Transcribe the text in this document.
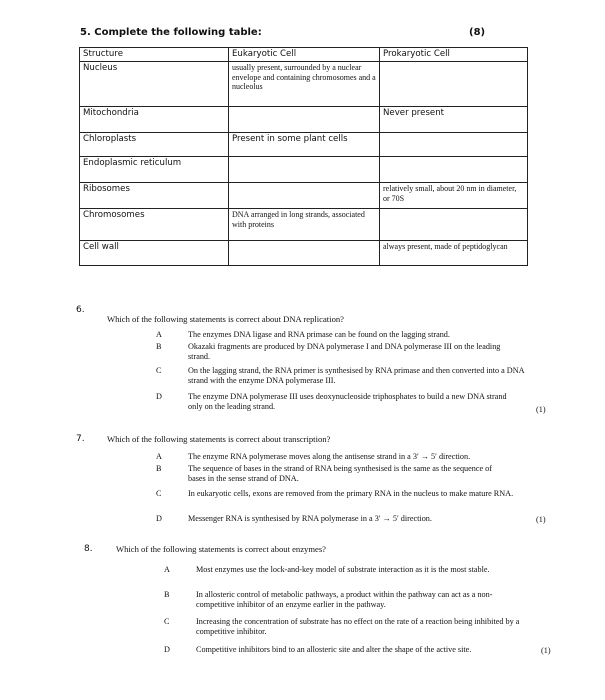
5. Complete the following table:	(8)
Structure	Eukaryotic Cell	Prokaryotic Cell
Nucleus	usually present, surrounded by a nuclear envelope and containing chromosomes and a nucleolus	
Mitochondria		Never present
Chloroplasts	Present in some plant cells	
Endoplasmic reticulum		
Ribosomes		relatively small, about 20 nm in diameter, or 70S
Chromosomes	DNA arranged in long strands, associated with proteins	
Cell wall		always present, made of peptidoglycan
6.
Which of the following statements is correct about DNA replication?
A	The enzymes DNA ligase and RNA primase can be found on the lagging strand.
B	Okazaki fragments are produced by DNA polymerase I and DNA polymerase III on the leading strand.
C	On the lagging strand, the RNA primer is synthesised by RNA primase and then converted into a DNA strand with the enzyme DNA polymerase III.
D	The enzyme DNA polymerase III uses deoxynucleoside triphosphates to build a new DNA strand only on the leading strand.	(1)
7.	Which of the following statements is correct about transcription?
A	The enzyme RNA polymerase moves along the antisense strand in a 3′ → 5′ direction.
B	The sequence of bases in the strand of RNA being synthesised is the same as the sequence of bases in the sense strand of DNA.
C	In eukaryotic cells, exons are removed from the primary RNA in the nucleus to make mature RNA.
D	Messenger RNA is synthesised by RNA polymerase in a 3′ → 5′ direction.	(1)
8.	Which of the following statements is correct about enzymes?
A	Most enzymes use the lock-and-key model of substrate interaction as it is the most stable.
B	In allosteric control of metabolic pathways, a product within the pathway can act as a non-competitive inhibitor of an enzyme earlier in the pathway.
C	Increasing the concentration of substrate has no effect on the rate of a reaction being inhibited by a competitive inhibitor.
D	Competitive inhibitors bind to an allosteric site and alter the shape of the active site.	(1)
